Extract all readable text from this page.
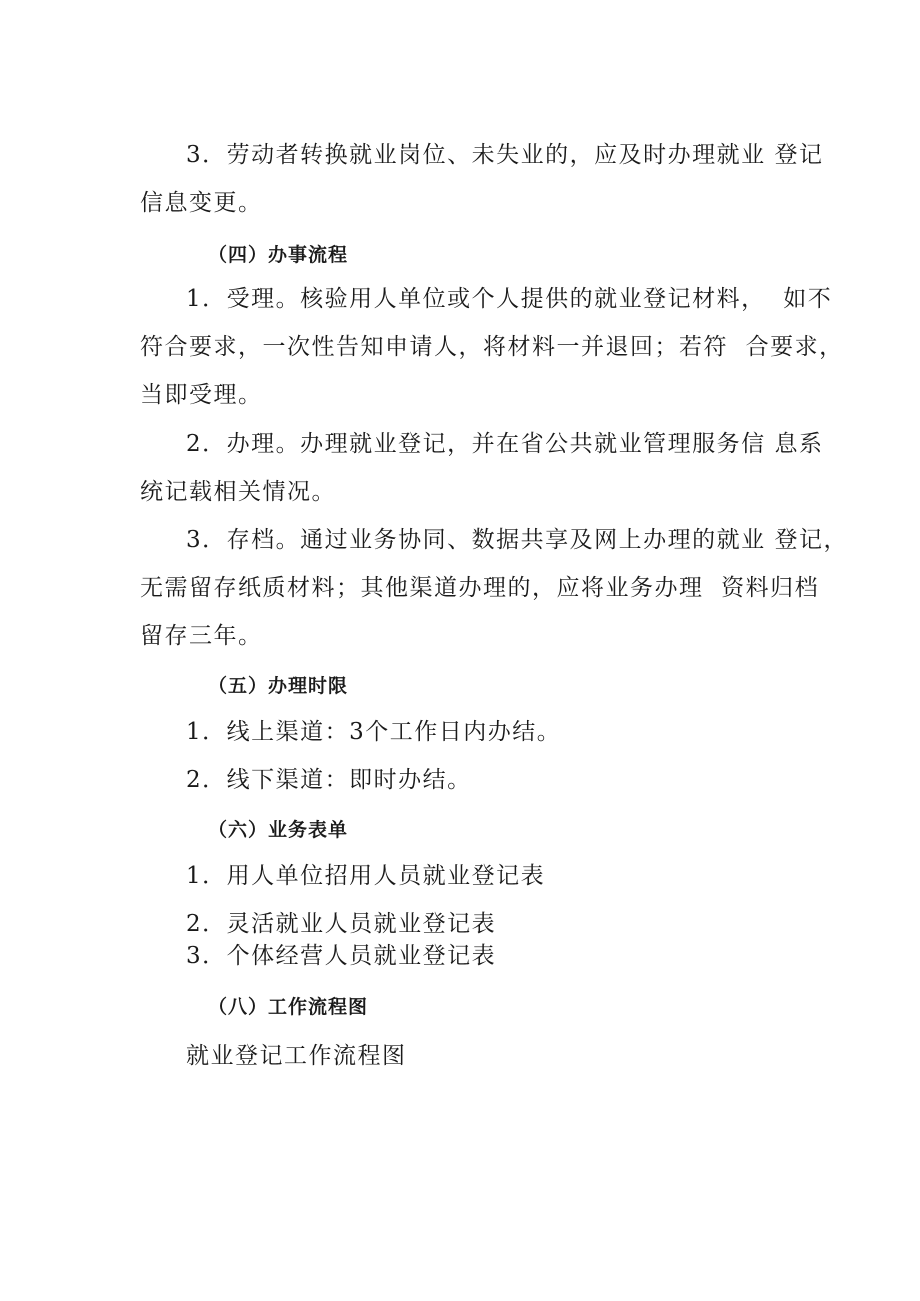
3．劳动者转换就业岗位、未失业的，应及时办理就业 登记
信息变更。
（四）办事流程
1．受理。核验用人单位或个人提供的就业登记材料，  如不
符合要求，一次性告知申请人，将材料一并退回；若符  合要求，
当即受理。
2．办理。办理就业登记，并在省公共就业管理服务信 息系
统记载相关情况。
3．存档。通过业务协同、数据共享及网上办理的就业 登记，
无需留存纸质材料；其他渠道办理的，应将业务办理  资料归档
留存三年。
（五）办理时限
1．线上渠道：3个工作日内办结。
2．线下渠道：即时办结。
（六）业务表单
1．用人单位招用人员就业登记表
2．灵活就业人员就业登记表
3．个体经营人员就业登记表
（八）工作流程图
就业登记工作流程图
